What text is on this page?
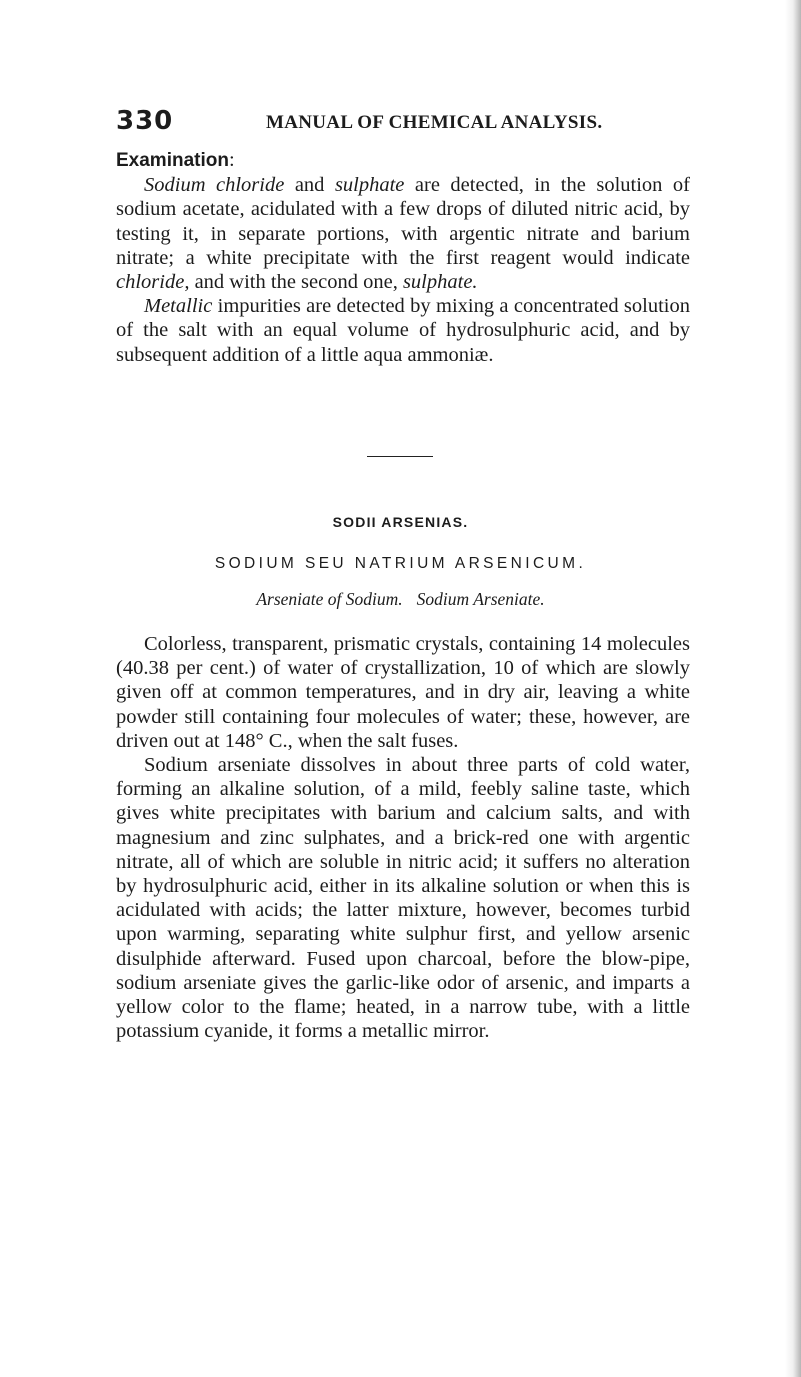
330	MANUAL OF CHEMICAL ANALYSIS.

Examination:

Sodium chloride and sulphate are detected, in the solution of sodium acetate, acidulated with a few drops of diluted nitric acid, by testing it, in separate portions, with argentic nitrate and barium nitrate; a white precipitate with the first reagent would indicate chloride, and with the second one, sulphate.

Metallic impurities are detected by mixing a concentrated solution of the salt with an equal volume of hydrosulphuric acid, and by subsequent addition of a little aqua ammoniæ.

SODII ARSENIAS.
SODIUM SEU NATRIUM ARSENICUM.
Arseniate of Sodium. Sodium Arseniate.

Colorless, transparent, prismatic crystals, containing 14 molecules (40.38 per cent.) of water of crystallization, 10 of which are slowly given off at common temperatures, and in dry air, leaving a white powder still containing four molecules of water; these, however, are driven out at 148° C., when the salt fuses.

Sodium arseniate dissolves in about three parts of cold water, forming an alkaline solution, of a mild, feebly saline taste, which gives white precipitates with barium and calcium salts, and with magnesium and zinc sulphates, and a brick-red one with argentic nitrate, all of which are soluble in nitric acid; it suffers no alteration by hydrosulphuric acid, either in its alkaline solution or when this is acidulated with acids; the latter mixture, however, becomes turbid upon warming, separating white sulphur first, and yellow arsenic disulphide afterward. Fused upon charcoal, before the blow-pipe, sodium arseniate gives the garlic-like odor of arsenic, and imparts a yellow color to the flame; heated, in a narrow tube, with a little potassium cyanide, it forms a metallic mirror.
